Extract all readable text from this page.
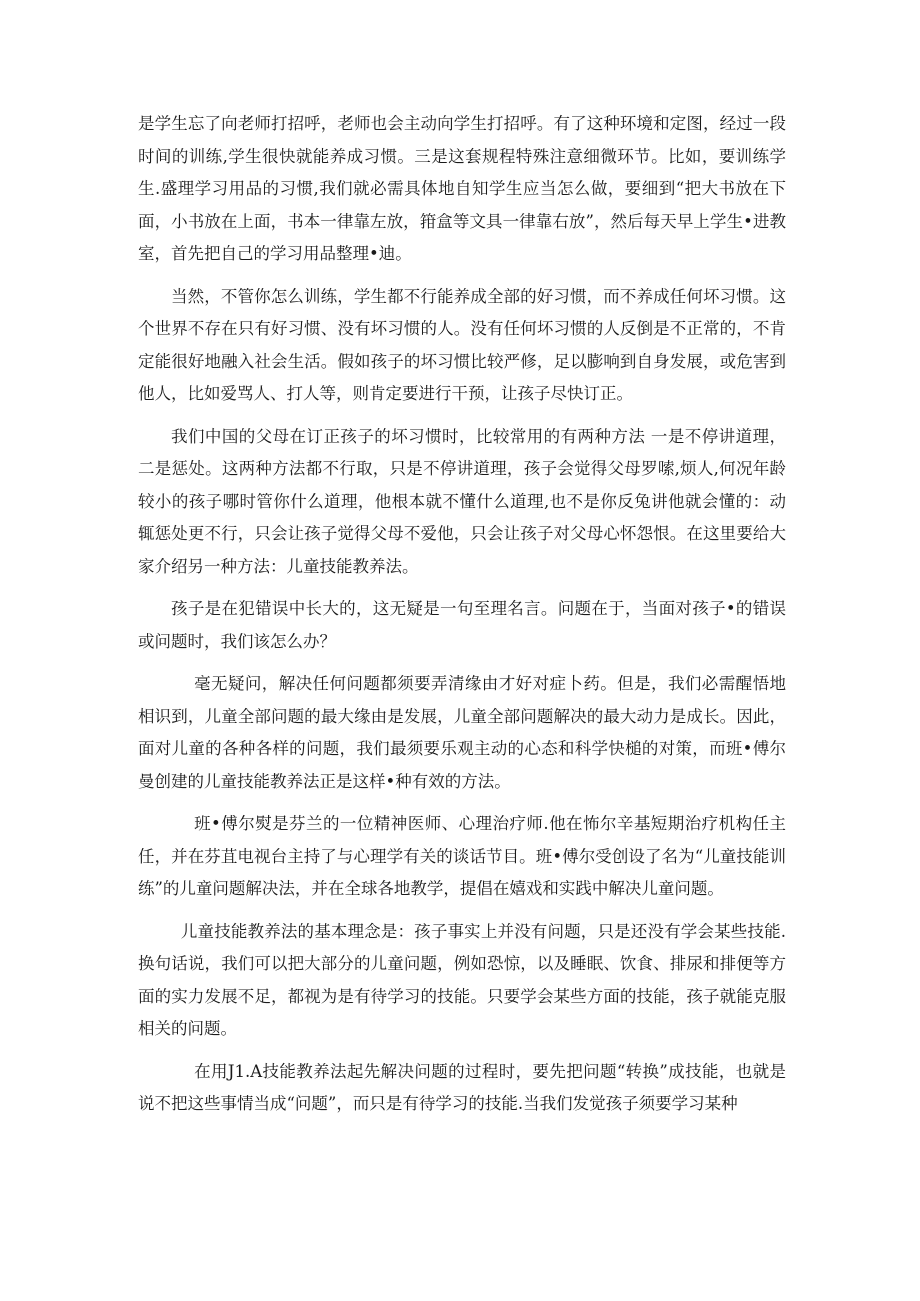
是学生忘了向老师打招呼，老师也会主动向学生打招呼。有了这种环境和定图，经过一段时间的训练,学生很快就能养成习惯。三是这套规程特殊注意细微环节。比如，要训练学生.盛理学习用品的习惯,我们就必需具体地自知学生应当怎么做，要细到“把大书放在下面，小书放在上面，书本一律靠左放，箝盒等文具一律靠右放”，然后每天早上学生•进教室，首先把自己的学习用品整理•迪。

当然，不管你怎么训练，学生都不行能养成全部的好习惯，而不养成任何坏习惯。这个世界不存在只有好习惯、没有坏习惯的人。没有任何坏习惯的人反倒是不正常的，不肯定能很好地融入社会生活。假如孩子的坏习惯比较严修，足以膨响到自身发展，或危害到他人，比如爱骂人、打人等，则肯定要进行干预，让孩子尽快订正。

我们中国的父母在订正孩子的坏习惯时，比较常用的有两种方法 一是不停讲道理，二是惩处。这两种方法都不行取，只是不停讲道理，孩子会觉得父母罗嗦,烦人,何况年龄较小的孩子哪时管你什么道理，他根本就不懂什么道理,也不是你反兔讲他就会懂的：动辄惩处更不行，只会让孩子觉得父母不爱他，只会让孩子对父母心怀怨恨。在这里要给大家介绍另一种方法：儿童技能教养法。

孩子是在犯错误中长大的，这无疑是一句至理名言。问题在于，当面对孩子•的错误或问题时，我们该怎么办？

毫无疑问，解决任何问题都须要弄清缘由才好对症卜药。但是，我们必需醒悟地相识到，儿童全部问题的最大缘由是发展，儿童全部问题解决的最大动力是成长。因此，面对儿童的各种各样的问题，我们最须要乐观主动的心态和科学快槌的对策，而班•傅尔曼创建的儿童技能教养法正是这样•种有效的方法。

班•傅尔熨是芬兰的一位精神医师、心理治疗师.他在怖尔辛基短期治疗机构任主任，并在芬苴电视台主持了与心理学有关的谈话节目。班•傅尔受创设了名为“儿童技能训练”的儿童问题解决法，并在全球各地教学，提倡在嬉戏和实践中解决儿童问题。

儿童技能教养法的基本理念是：孩子事实上并没有问题，只是还没有学会某些技能.换句话说，我们可以把大部分的儿童问题，例如恐惊，以及睡眠、饮食、排尿和排便等方面的实力发展不足，都视为是有待学习的技能。只要学会某些方面的技能，孩子就能克服相关的问题。

在用J1.A技能教养法起先解决问题的过程时，要先把问题“转换”成技能，也就是说不把这些事情当成“问题”，而只是有待学习的技能.当我们发觉孩子须要学习某种
